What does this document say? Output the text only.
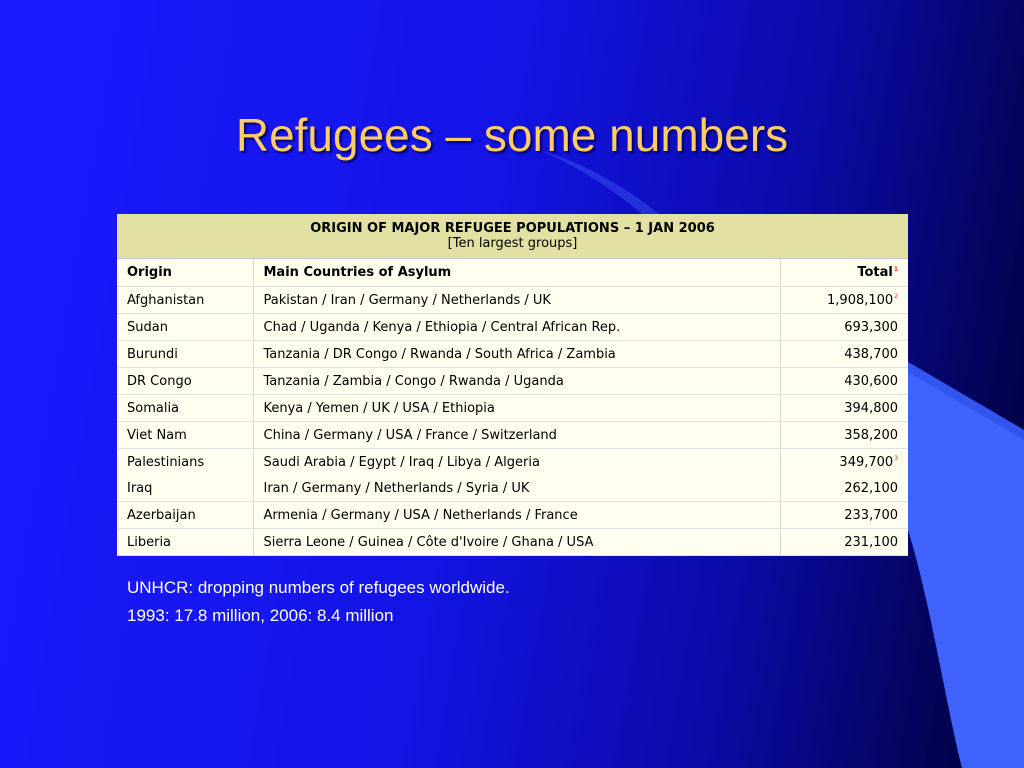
Refugees – some numbers
ORIGIN OF MAJOR REFUGEE POPULATIONS – 1 JAN 2006
[Ten largest groups]		

Origin	Main Countries of Asylum	Total$^1$
Afghanistan	Pakistan / Iran / Germany / Netherlands / UK	1,908,100$^2$
Sudan	Chad / Uganda / Kenya / Ethiopia / Central African Rep.	693,300
Burundi	Tanzania / DR Congo / Rwanda / South Africa / Zambia	438,700
DR Congo	Tanzania / Zambia / Congo / Rwanda / Uganda	430,600
Somalia	Kenya / Yemen / UK / USA / Ethiopia	394,800
Viet Nam	China / Germany / USA / France / Switzerland	358,200
Palestinians	Saudi Arabia / Egypt / Iraq / Libya / Algeria	349,700$^3$
Iraq	Iran / Germany / Netherlands / Syria / UK	262,100
Azerbaijan	Armenia / Germany / USA / Netherlands / France	233,700
Liberia	Sierra Leone / Guinea / Côte d'Ivoire / Ghana / USA	231,100
UNHCR: dropping numbers of refugees worldwide.
1993: 17.8 million, 2006: 8.4 million
